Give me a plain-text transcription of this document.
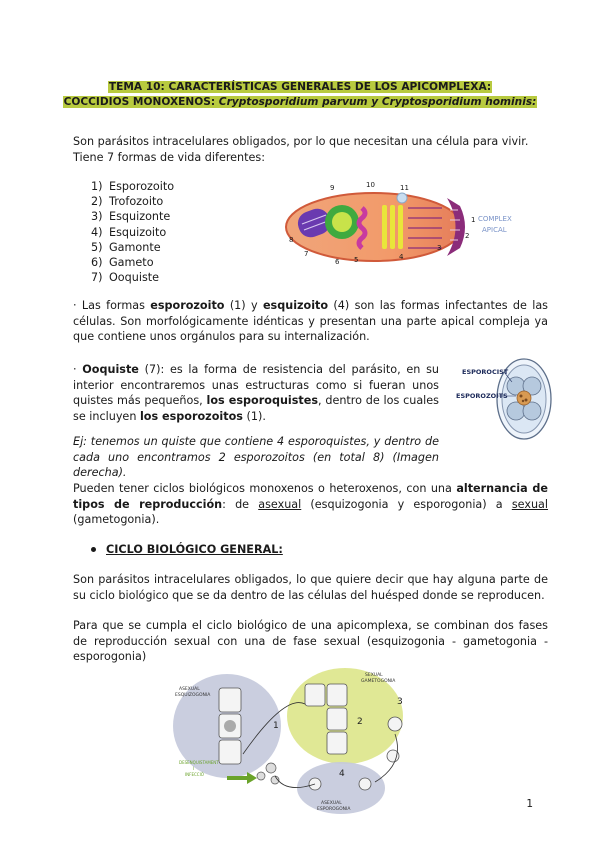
TEMA 10: CARACTERÍSTICAS GENERALES DE LOS APICOMPLEXA:
COCCIDIOS MONOXENOS: Cryptosporidium parvum y Cryptosporidium hominis:
Son parásitos intracelulares obligados, por lo que necesitan una célula para vivir. Tiene 7 formas de vida diferentes:
1) Esporozoito
2) Trofozoito
3) Esquizonte
4) Esquizoito
5) Gamonte
6) Gameto
7) Ooquiste
1
2
3
4
5
6
7
8
9	10	11
COMPLEX
APICAL
· Las formas esporozoito (1) y esquizoito (4) son las formas infectantes de las células. Son morfológicamente idénticas y presentan una parte apical compleja ya que contiene unos orgánulos para su internalización.
· Ooquiste (7): es la forma de resistencia del parásito, en su interior encontraremos unas estructuras como si fueran unos quistes más pequeños, los esporoquistes, dentro de los cuales se incluyen los esporozoitos (1).
ESPOROCIST
ESPOROZOITS
Ej: tenemos un quiste que contiene 4 esporoquistes, y dentro de cada uno encontramos 2 esporozoitos (en total 8) (Imagen derecha).
Pueden tener ciclos biológicos monoxenos o heteroxenos, con una alternancia de tipos de reproducción: de asexual (esquizogonia y esporogonia) a sexual (gametogonia).
CICLO BIOLÓGICO GENERAL:
Son parásitos intracelulares obligados, lo que quiere decir que hay alguna parte de su ciclo biológico que se da dentro de las células del huésped donde se reproducen.
Para que se cumpla el ciclo biológico de una apicomplexa, se combinan dos fases de reproducción sexual con una de fase sexual (esquizogonia - gametogonia - esporogonia)
ASEXUAL
ESQUIZOGONIA
SEXUAL
GAMETOGONIA
ASEXUAL
ESPOROGONIA
DESENQUISTAMENT
I
INFECCIÓ
1	2
3
4
1
